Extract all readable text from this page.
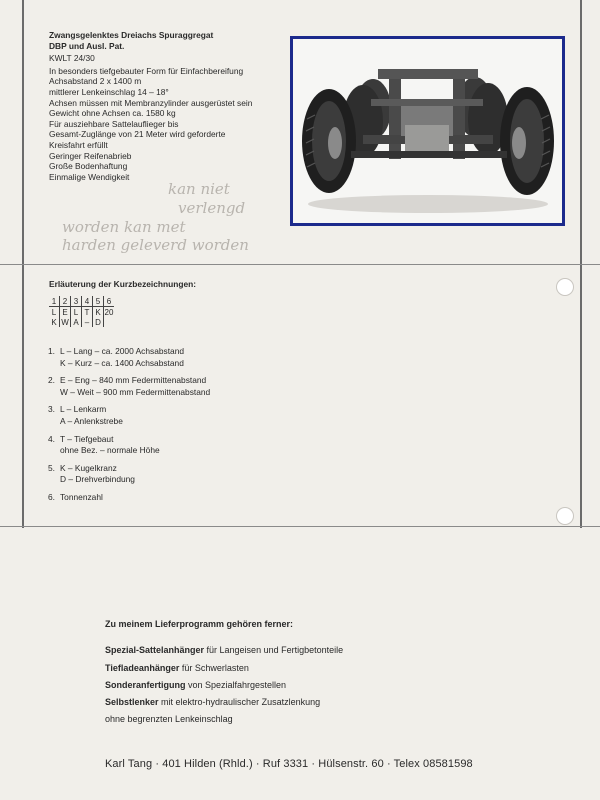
Zwangsgelenktes Dreiachs Spuraggregat
DBP und Ausl. Pat.
KWLT 24/30
In besonders tiefgebauter Form für Einfachbereifung
Achsabstand 2 x 1400 m
mittlerer Lenkeinschlag 14 – 18°
Achsen müssen mit Membranzylinder ausgerüstet sein
Gewicht ohne Achsen ca. 1580 kg
Für ausziehbare Sattelauflieger bis
Gesamt-Zuglänge von 21 Meter wird geforderte
Kreisfahrt erfüllt
Geringer Reifenabrieb
Große Bodenhaftung
Einmalige Wendigkeit
kan niet
verlengd
worden kan met
harden geleverd worden
Erläuterung der Kurzbezeichnungen:
1	2	3	4	5	6
L	E	L	T	K	20
K	W	A	–	D	
1. L – Lang – ca. 2000 Achsabstand
K – Kurz – ca. 1400 Achsabstand
2. E – Eng – 840 mm Federmittenabstand
W – Weit – 900 mm Federmittenabstand
3. L – Lenkarm
A – Anlenkstrebe
4. T – Tiefgebaut
ohne Bez. – normale Höhe
5. K – Kugelkranz
D – Drehverbindung
6. Tonnenzahl
Zu meinem Lieferprogramm gehören ferner:
Spezial-Sattelanhänger für Langeisen und Fertigbetonteile
Tiefladeanhänger für Schwerlasten
Sonderanfertigung von Spezialfahrgestellen
Selbstlenker mit elektro-hydraulischer Zusatzlenkung
ohne begrenzten Lenkeinschlag
Karl Tang · 401 Hilden (Rhld.) · Ruf 3331 · Hülsenstr. 60 · Telex 08581598
